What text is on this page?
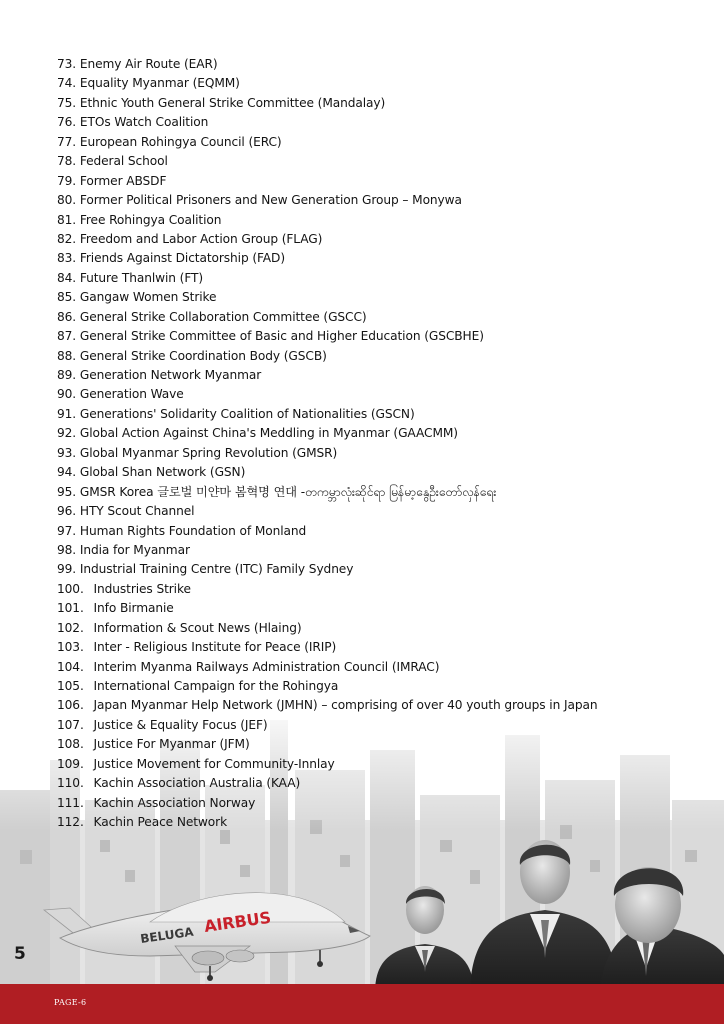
BELUGA AIRBUS
73. Enemy Air Route (EAR)
74. Equality Myanmar (EQMM)
75. Ethnic Youth General Strike Committee (Mandalay)
76. ETOs Watch Coalition
77. European Rohingya Council (ERC)
78. Federal School
79. Former ABSDF
80. Former Political Prisoners and New Generation Group – Monywa
81. Free Rohingya Coalition
82. Freedom and Labor Action Group (FLAG)
83. Friends Against Dictatorship (FAD)
84. Future Thanlwin (FT)
85. Gangaw Women Strike
86. General Strike Collaboration Committee (GSCC)
87. General Strike Committee of Basic and Higher Education (GSCBHE)
88. General Strike Coordination Body (GSCB)
89. Generation Network Myanmar
90. Generation Wave
91. Generations' Solidarity Coalition of Nationalities (GSCN)
92. Global Action Against China's Meddling in Myanmar (GAACMM)
93. Global Myanmar Spring Revolution (GMSR)
94. Global Shan Network (GSN)
95. GMSR Korea 글로벌 미얀마 봄혁명 연대 -တကမ္ဘာလုံးဆိုင်ရာ မြန်မာ့နွေဦးတော်လှန်ရေး
96. HTY Scout Channel
97. Human Rights Foundation of Monland
98. India for Myanmar
99. Industrial Training Centre (ITC) Family Sydney
100. Industries Strike
101. Info Birmanie
102. Information & Scout News (Hlaing)
103. Inter - Religious Institute for Peace (IRIP)
104. Interim Myanma Railways Administration Council (IMRAC)
105. International Campaign for the Rohingya
106. Japan Myanmar Help Network (JMHN) – comprising of over 40 youth groups in Japan
107. Justice & Equality Focus (JEF)
108. Justice For Myanmar (JFM)
109. Justice Movement for Community-Innlay
110. Kachin Association Australia (KAA)
111. Kachin Association Norway
112. Kachin Peace Network
5
PAGE-6
